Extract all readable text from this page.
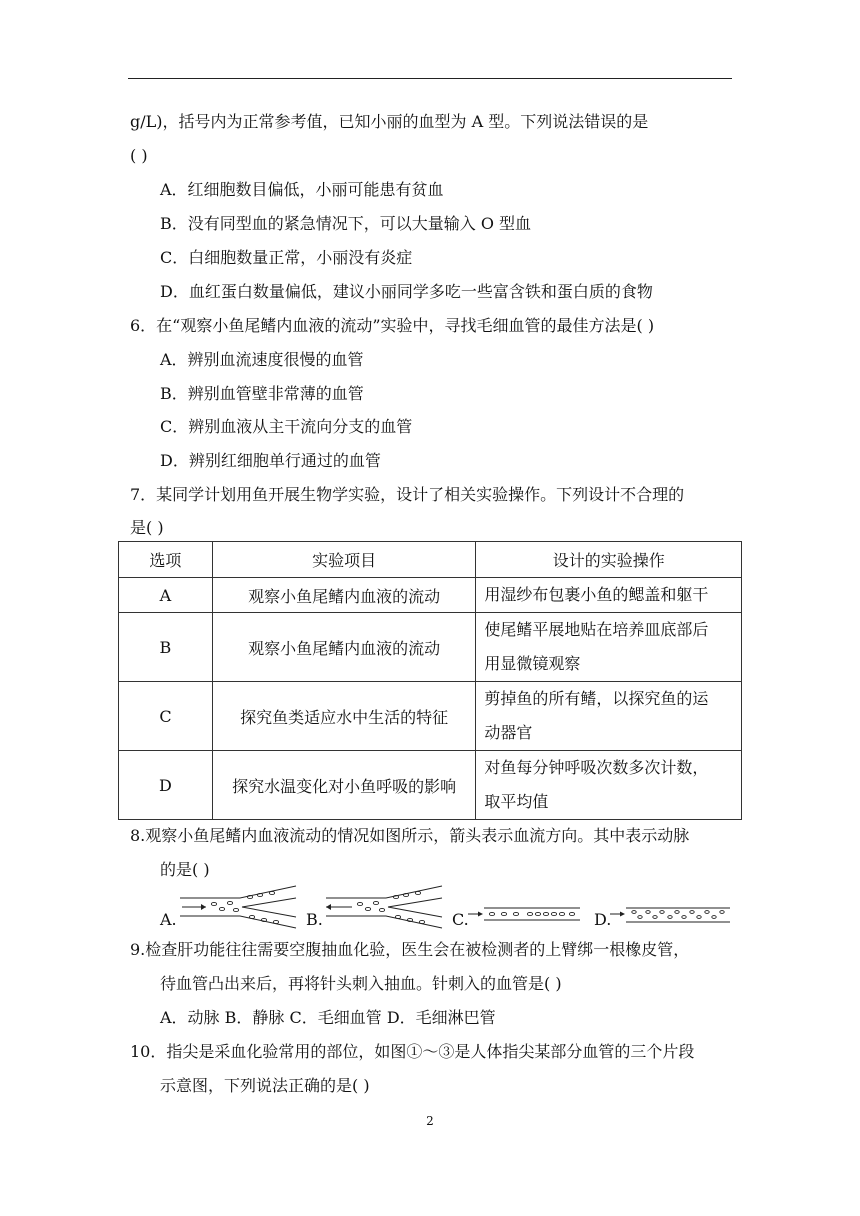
g/L)，括号内为正常参考值，已知小丽的血型为 A 型。下列说法错误的是
( )
A．红细胞数目偏低，小丽可能患有贫血
B．没有同型血的紧急情况下，可以大量输入 O 型血
C．白细胞数量正常，小丽没有炎症
D．血红蛋白数量偏低，建议小丽同学多吃一些富含铁和蛋白质的食物
6．在“观察小鱼尾鳍内血液的流动”实验中，寻找毛细血管的最佳方法是( )
A．辨别血流速度很慢的血管
B．辨别血管壁非常薄的血管
C．辨别血液从主干流向分支的血管
D．辨别红细胞单行通过的血管
7．某同学计划用鱼开展生物学实验，设计了相关实验操作。下列设计不合理的
是( )
选项	实验项目	设计的实验操作
A	观察小鱼尾鳍内血液的流动	用湿纱布包裹小鱼的鳃盖和躯干
B	观察小鱼尾鳍内血液的流动	使尾鳍平展地贴在培养皿底部后
用显微镜观察
C	探究鱼类适应水中生活的特征	剪掉鱼的所有鳍，以探究鱼的运
动器官
D	探究水温变化对小鱼呼吸的影响	对鱼每分钟呼吸次数多次计数，
取平均值
8.观察小鱼尾鳍内血液流动的情况如图所示，箭头表示血流方向。其中表示动脉
的是( )
A.	B.	C.	D.
9.检查肝功能往往需要空腹抽血化验，医生会在被检测者的上臂绑一根橡皮管，
待血管凸出来后，再将针头刺入抽血。针刺入的血管是( )
A．动脉 B．静脉 C．毛细血管 D．毛细淋巴管
10．指尖是采血化验常用的部位，如图①～③是人体指尖某部分血管的三个片段
示意图，下列说法正确的是( )
2
